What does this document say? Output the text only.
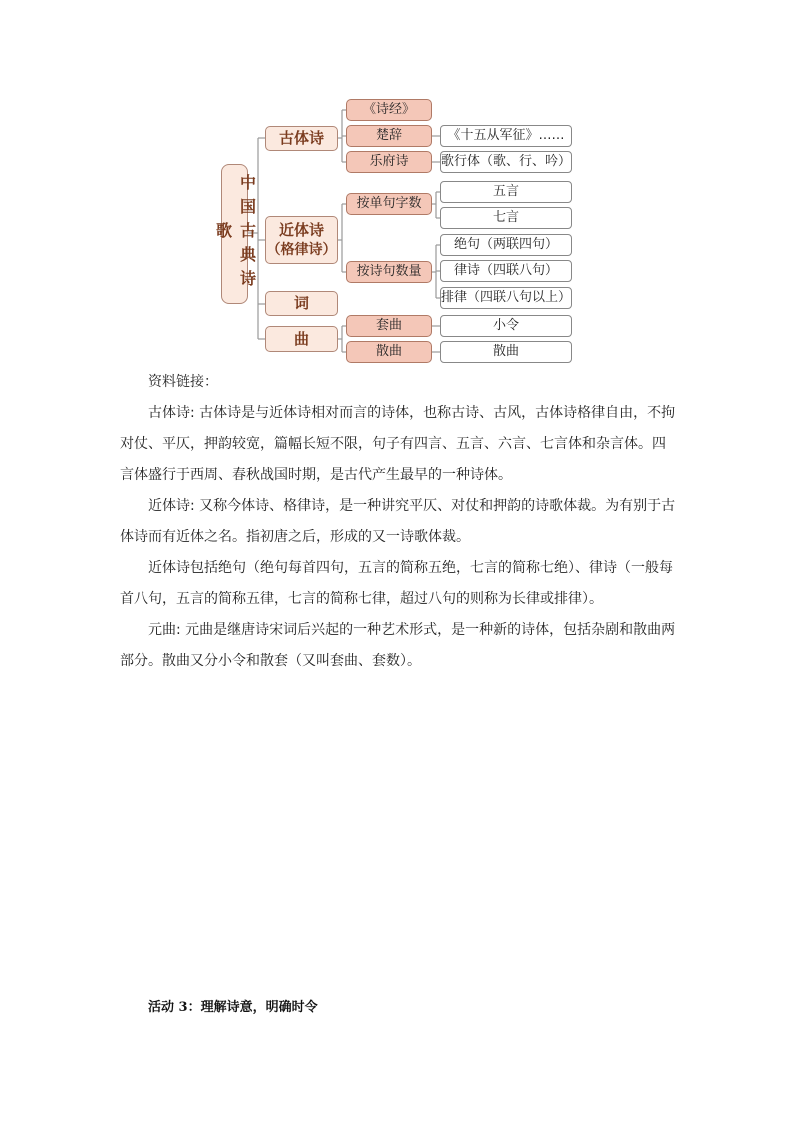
中国古典诗歌
古体诗
近体诗
（格律诗）
词
曲
《诗经》
楚辞
乐府诗
按单句字数
按诗句数量
套曲
散曲
《十五从军征》……
歌行体（歌、行、吟）
五言
七言
绝句（两联四句）
律诗（四联八句）
排律（四联八句以上）
小令
散曲
资料链接：
古体诗: 古体诗是与近体诗相对而言的诗体，也称古诗、古风，古体诗格律自由，不拘对仗、平仄，押韵较宽，篇幅长短不限，句子有四言、五言、六言、七言体和杂言体。四言体盛行于西周、春秋战国时期，是古代产生最早的一种诗体。
近体诗: 又称今体诗、格律诗，是一种讲究平仄、对仗和押韵的诗歌体裁。为有别于古体诗而有近体之名。指初唐之后，形成的又一诗歌体裁。
近体诗包括绝句（绝句每首四句，五言的简称五绝，七言的简称七绝）、律诗（一般每首八句，五言的简称五律，七言的简称七律，超过八句的则称为长律或排律）。
元曲: 元曲是继唐诗宋词后兴起的一种艺术形式，是一种新的诗体，包括杂剧和散曲两部分。散曲又分小令和散套（又叫套曲、套数）。
活动 3：理解诗意，明确时令
